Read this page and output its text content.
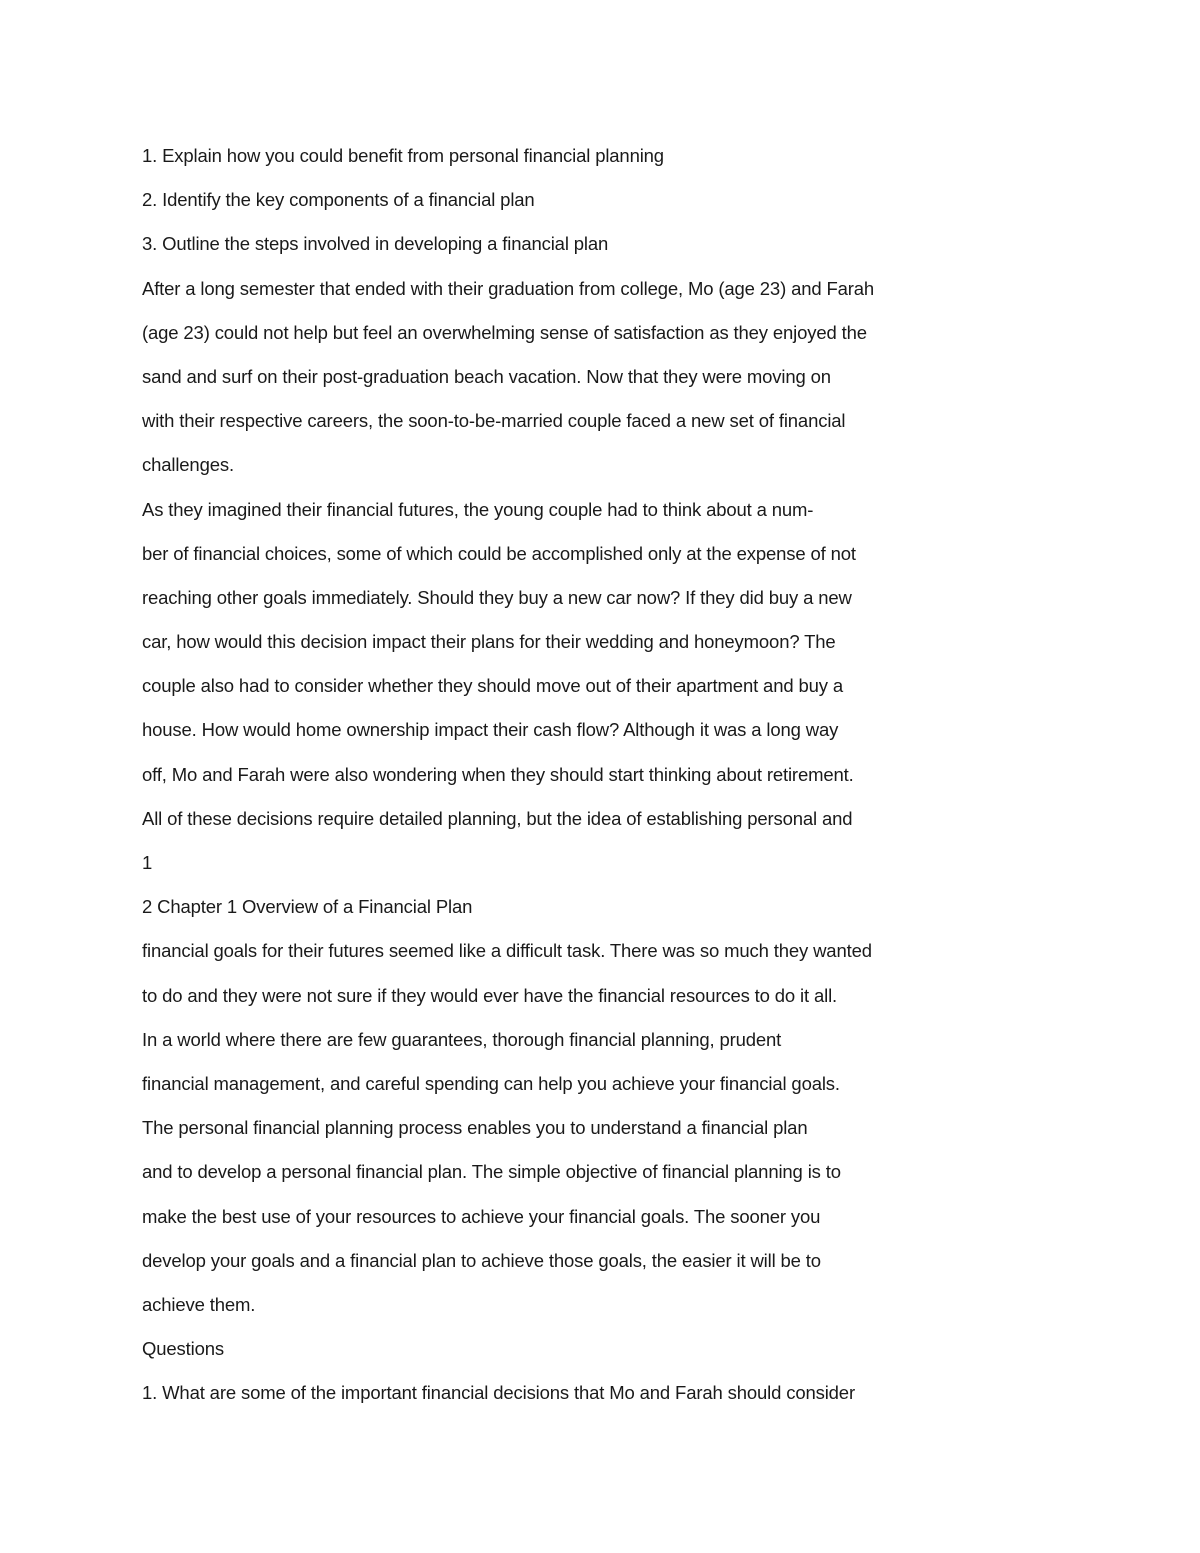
1. Explain how you could benefit from personal financial planning
2. Identify the key components of a financial plan
3. Outline the steps involved in developing a financial plan
After a long semester that ended with their graduation from college, Mo (age 23) and Farah
(age 23) could not help but feel an overwhelming sense of satisfaction as they enjoyed the
sand and surf on their post-graduation beach vacation. Now that they were moving on
with their respective careers, the soon-to-be-married couple faced a new set of financial
challenges.
As they imagined their financial futures, the young couple had to think about a num-
ber of financial choices, some of which could be accomplished only at the expense of not
reaching other goals immediately. Should they buy a new car now? If they did buy a new
car, how would this decision impact their plans for their wedding and honeymoon? The
couple also had to consider whether they should move out of their apartment and buy a
house. How would home ownership impact their cash flow? Although it was a long way
off, Mo and Farah were also wondering when they should start thinking about retirement.
All of these decisions require detailed planning, but the idea of establishing personal and
1
2 Chapter 1 Overview of a Financial Plan
financial goals for their futures seemed like a difficult task. There was so much they wanted
to do and they were not sure if they would ever have the financial resources to do it all.
In a world where there are few guarantees, thorough financial planning, prudent
financial management, and careful spending can help you achieve your financial goals.
The personal financial planning process enables you to understand a financial plan
and to develop a personal financial plan. The simple objective of financial planning is to
make the best use of your resources to achieve your financial goals. The sooner you
develop your goals and a financial plan to achieve those goals, the easier it will be to
achieve them.
Questions
1. What are some of the important financial decisions that Mo and Farah should consider
